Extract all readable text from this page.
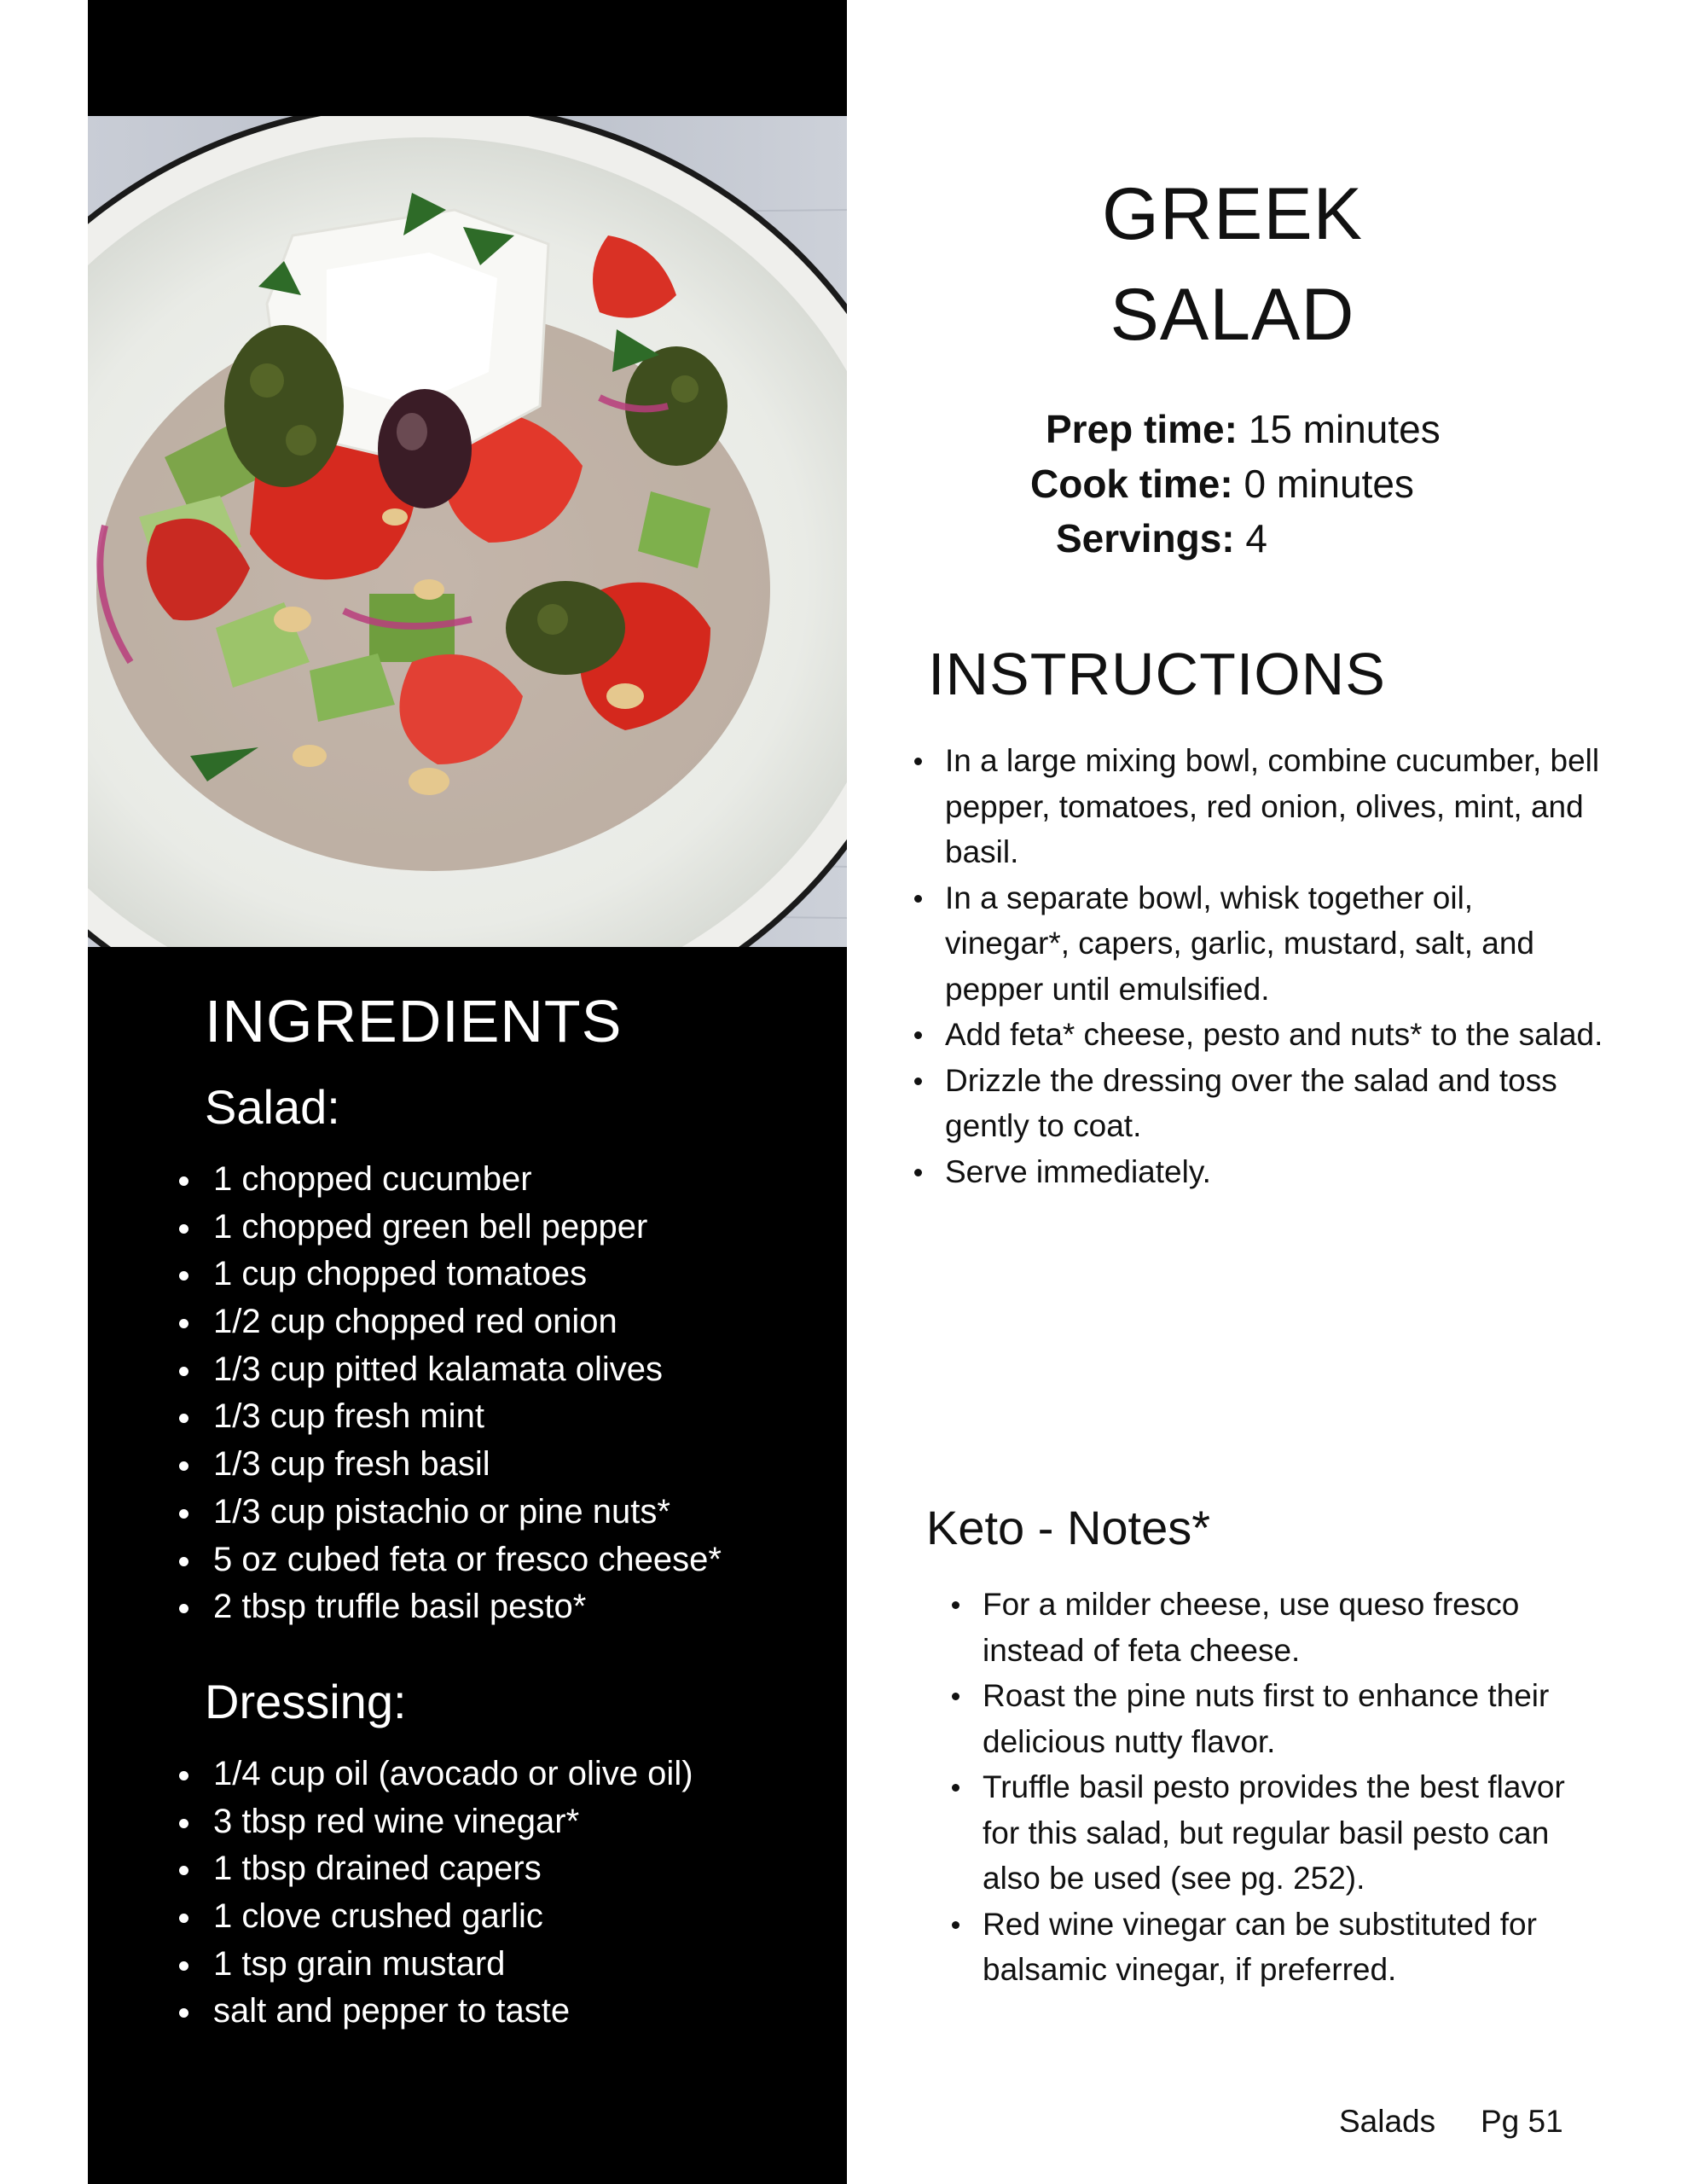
INGREDIENTS
Salad:
1 chopped cucumber
1 chopped green bell pepper
1 cup chopped tomatoes
1/2 cup chopped red onion
1/3 cup pitted kalamata olives
1/3 cup fresh mint
1/3 cup fresh basil
1/3 cup pistachio or pine nuts*
5 oz cubed feta or fresco cheese*
2 tbsp truffle basil pesto*
Dressing:
1/4 cup oil (avocado or olive oil)
3 tbsp red wine vinegar*
1 tbsp drained capers
1 clove crushed garlic
1 tsp grain mustard
salt and pepper to taste
GREEK
SALAD
Prep time: 15 minutes
Cook time: 0 minutes
Servings: 4
INSTRUCTIONS
In a large mixing bowl, combine cucumber, bell pepper, tomatoes, red onion, olives, mint, and basil.
In a separate bowl, whisk together oil, vinegar*, capers, garlic, mustard, salt, and pepper until emulsified.
Add feta* cheese, pesto and nuts* to the salad.
Drizzle the dressing over the salad and toss gently to coat.
Serve immediately.
Keto - Notes*
For a milder cheese, use queso fresco instead of feta cheese.
Roast the pine nuts first to enhance their delicious nutty flavor.
Truffle basil pesto provides the best flavor for this salad, but regular basil pesto can also be used (see pg. 252).
Red wine vinegar can be substituted for balsamic vinegar, if preferred.
Salads Pg 51
